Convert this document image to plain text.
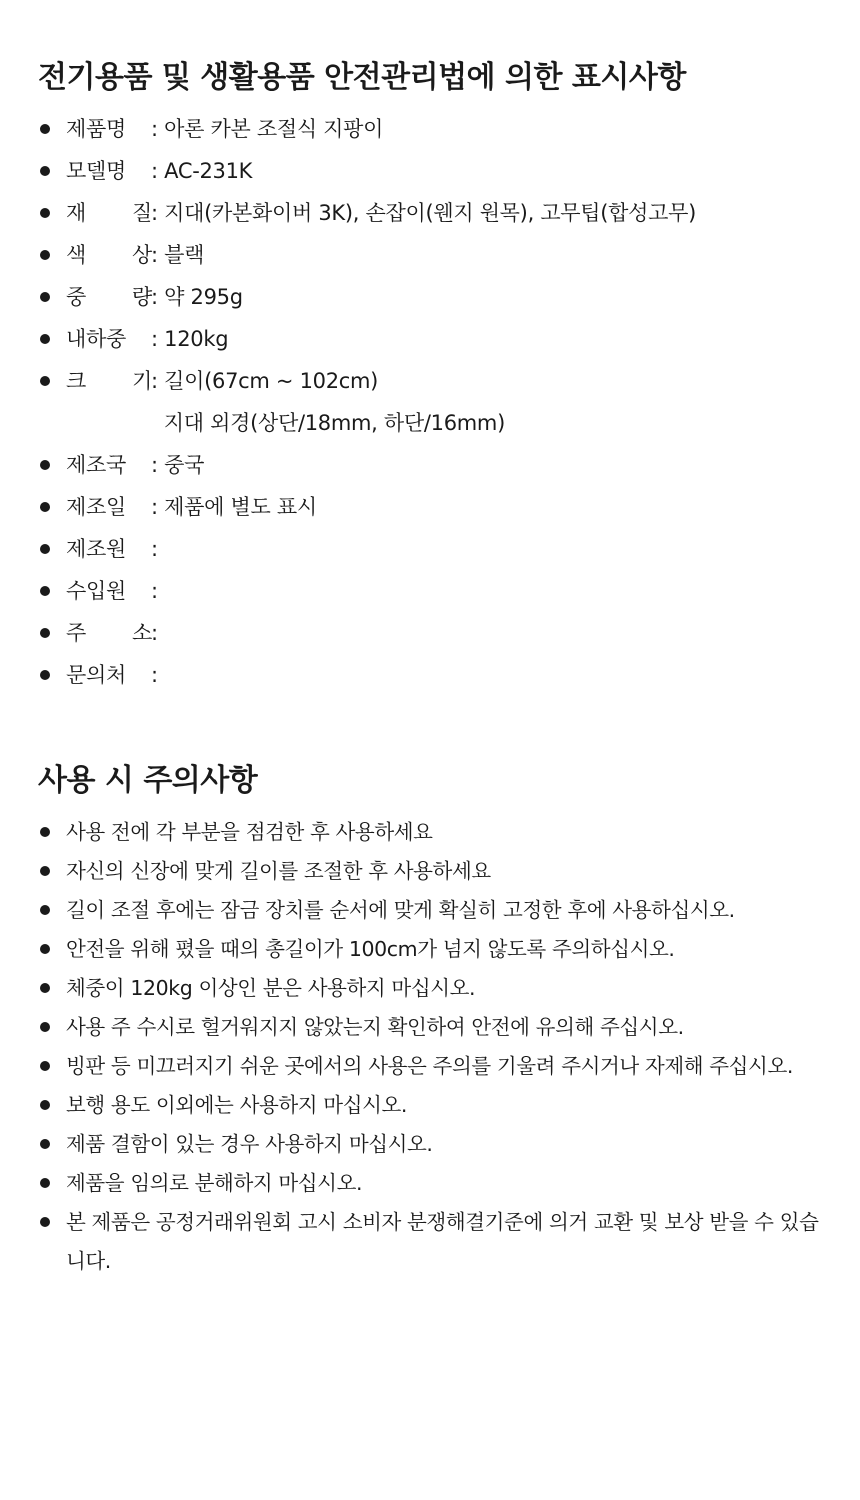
전기용품 및 생활용품 안전관리법에 의한 표시사항
제품명 : 아론 카본 조절식 지팡이
모델명 : AC-231K
재 질 : 지대(카본화이버 3K), 손잡이(웬지 원목), 고무팁(합성고무)
색 상 : 블랙
중 량 : 약 295g
내하중 : 120kg
크 기 : 길이(67cm ~ 102cm)
지대 외경(상단/18mm, 하단/16mm)
제조국 : 중국
제조일 : 제품에 별도 표시
제조원 :
수입원 :
주 소 :
문의처 :
사용 시 주의사항
사용 전에 각 부분을 점검한 후 사용하세요
자신의 신장에 맞게 길이를 조절한 후 사용하세요
길이 조절 후에는 잠금 장치를 순서에 맞게 확실히 고정한 후에 사용하십시오.
안전을 위해 폈을 때의 총길이가 100cm가 넘지 않도록 주의하십시오.
체중이 120kg 이상인 분은 사용하지 마십시오.
사용 주 수시로 헐거워지지 않았는지 확인하여 안전에 유의해 주십시오.
빙판 등 미끄러지기 쉬운 곳에서의 사용은 주의를 기울려 주시거나 자제해 주십시오.
보행 용도 이외에는 사용하지 마십시오.
제품 결함이 있는 경우 사용하지 마십시오.
제품을 임의로 분해하지 마십시오.
본 제품은 공정거래위원회 고시 소비자 분쟁해결기준에 의거 교환 및 보상 받을 수 있습니다.
